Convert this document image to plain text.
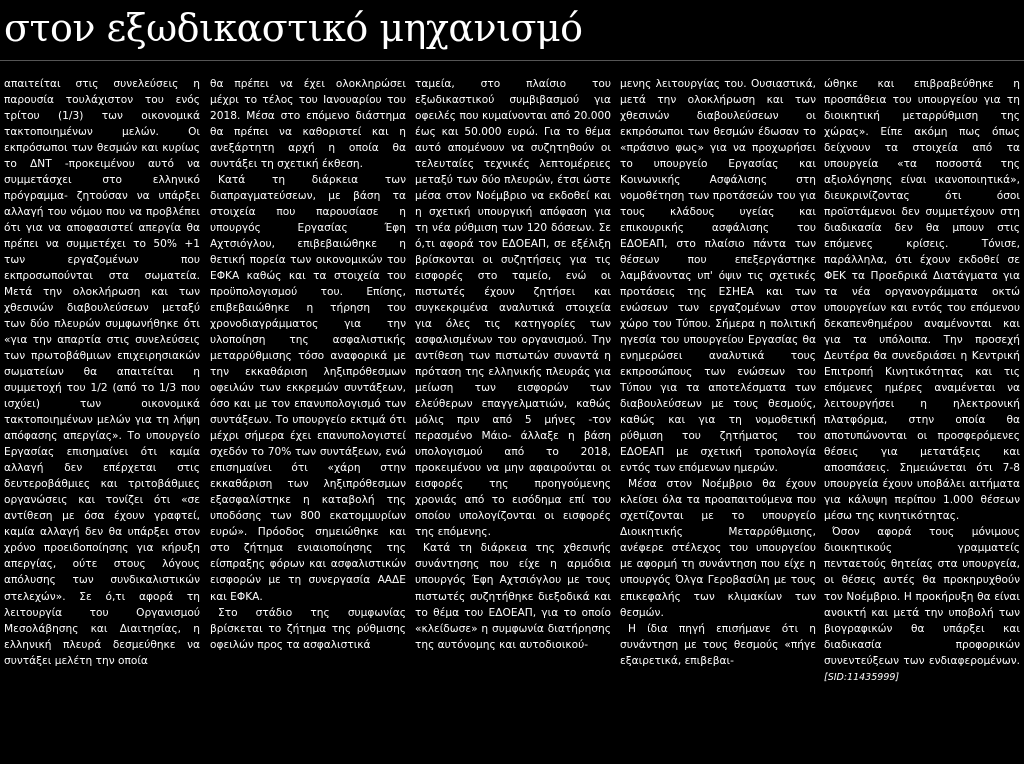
στον εξωδικαστικό μηχανισμό

απαιτείται στις συνελεύσεις η παρουσία τουλάχιστον του ενός τρίτου (1/3) των οικονομικά τακτοποιημένων μελών. Οι εκπρόσωποι των θεσμών και κυρίως το ΔΝΤ -προκειμένου αυτό να συμμετάσχει στο ελληνικό πρόγραμμα- ζητούσαν να υπάρξει αλλαγή του νόμου που να προβλέπει ότι για να αποφασιστεί απεργία θα πρέπει να συμμετέχει το 50% +1 των εργαζομένων που εκπροσωπούνται στα σωματεία. Μετά την ολοκλήρωση και των χθεσινών διαβουλεύσεων μεταξύ των δύο πλευρών συμφωνήθηκε ότι «για την απαρτία στις συνελεύσεις των πρωτοβάθμιων επιχειρησιακών σωματείων θα απαιτείται η συμμετοχή του 1/2 (από το 1/3 που ισχύει) των οικονομικά τακτοποιημένων μελών για τη λήψη απόφασης απεργίας». Το υπουργείο Εργασίας επισημαίνει ότι καμία αλλαγή δεν επέρχεται στις δευτεροβάθμιες και τριτοβάθμιες οργανώσεις και τονίζει ότι «σε αντίθεση με όσα έχουν γραφτεί, καμία αλλαγή δεν θα υπάρξει στον χρόνο προειδοποίησης για κήρυξη απεργίας, ούτε στους λόγους απόλυσης των συνδικαλιστικών στελεχών». Σε ό,τι αφορά τη λειτουργία του Οργανισμού Μεσολάβησης και Διαιτησίας, η ελληνική πλευρά δεσμεύθηκε να συντάξει μελέτη την οποία

θα πρέπει να έχει ολοκληρώσει μέχρι το τέλος του Ιανουαρίου του 2018. Μέσα στο επόμενο διάστημα θα πρέπει να καθοριστεί και η ανεξάρτητη αρχή η οποία θα συντάξει τη σχετική έκθεση.

Κατά τη διάρκεια των διαπραγματεύσεων, με βάση τα στοιχεία που παρουσίασε η υπουργός Εργασίας Έφη Αχτσιόγλου, επιβεβαιώθηκε η θετική πορεία των οικονομικών του ΕΦΚΑ καθώς και τα στοιχεία του προϋπολογισμού του. Επίσης, επιβεβαιώθηκε η τήρηση του χρονοδιαγράμματος για την υλοποίηση της ασφαλιστικής μεταρρύθμισης τόσο αναφορικά με την εκκαθάριση ληξιπρόθεσμων οφειλών των εκκρεμών συντάξεων, όσο και με τον επανυπολογισμό των συντάξεων. Το υπουργείο εκτιμά ότι μέχρι σήμερα έχει επανυπολογιστεί σχεδόν το 70% των συντάξεων, ενώ επισημαίνει ότι «χάρη στην εκκαθάριση των ληξιπρόθεσμων εξασφαλίστηκε η καταβολή της υποδόσης των 800 εκατομμυρίων ευρώ». Πρόοδος σημειώθηκε και στο ζήτημα ενιαιοποίησης της είσπραξης φόρων και ασφαλιστικών εισφορών με τη συνεργασία ΑΑΔΕ και ΕΦΚΑ.

Στο στάδιο της συμφωνίας βρίσκεται το ζήτημα της ρύθμισης οφειλών προς τα ασφαλιστικά

ταμεία, στο πλαίσιο του εξωδικαστικού συμβιβασμού για οφειλές που κυμαίνονται από 20.000 έως και 50.000 ευρώ. Για το θέμα αυτό απομένουν να συζητηθούν οι τελευταίες τεχνικές λεπτομέρειες μεταξύ των δύο πλευρών, έτσι ώστε μέσα στον Νοέμβριο να εκδοθεί και η σχετική υπουργική απόφαση για τη νέα ρύθμιση των 120 δόσεων. Σε ό,τι αφορά τον ΕΔΟΕΑΠ, σε εξέλιξη βρίσκονται οι συζητήσεις για τις εισφορές στο ταμείο, ενώ οι πιστωτές έχουν ζητήσει και συγκεκριμένα αναλυτικά στοιχεία για όλες τις κατηγορίες των ασφαλισμένων του οργανισμού. Την αντίθεση των πιστωτών συναντά η πρόταση της ελληνικής πλευράς για μείωση των εισφορών των ελεύθερων επαγγελματιών, καθώς μόλις πριν από 5 μήνες -τον περασμένο Μάιο- άλλαξε η βάση υπολογισμού από το 2018, προκειμένου να μην αφαιρούνται οι εισφορές της προηγούμενης χρονιάς από το εισόδημα επί του οποίου υπολογίζονται οι εισφορές της επόμενης.

Κατά τη διάρκεια της χθεσινής συνάντησης που είχε η αρμόδια υπουργός Έφη Αχτσιόγλου με τους πιστωτές συζητήθηκε διεξοδικά και το θέμα του ΕΔΟΕΑΠ, για το οποίο «κλείδωσε» η συμφωνία διατήρησης της αυτόνομης και αυτοδιοικού-

μενης λειτουργίας του. Ουσιαστικά, μετά την ολοκλήρωση και των χθεσινών διαβουλεύσεων οι εκπρόσωποι των θεσμών έδωσαν το «πράσινο φως» για να προχωρήσει το υπουργείο Εργασίας και Κοινωνικής Ασφάλισης στη νομοθέτηση των προτάσεών του για τους κλάδους υγείας και επικουρικής ασφάλισης του ΕΔΟΕΑΠ, στο πλαίσιο πάντα των θέσεων που επεξεργάστηκε λαμβάνοντας υπ' όψιν τις σχετικές προτάσεις της ΕΣΗΕΑ και των ενώσεων των εργαζομένων στον χώρο του Τύπου. Σήμερα η πολιτική ηγεσία του υπουργείου Εργασίας θα ενημερώσει αναλυτικά τους εκπροσώπους των ενώσεων του Τύπου για τα αποτελέσματα των διαβουλεύσεων με τους θεσμούς, καθώς και για τη νομοθετική ρύθμιση του ζητήματος του ΕΔΟΕΑΠ με σχετική τροπολογία εντός των επόμενων ημερών.

Μέσα στον Νοέμβριο θα έχουν κλείσει όλα τα προαπαιτούμενα που σχετίζονται με το υπουργείο Διοικητικής Μεταρρύθμισης, ανέφερε στέλεχος του υπουργείου με αφορμή τη συνάντηση που είχε η υπουργός Όλγα Γεροβασίλη με τους επικεφαλής των κλιμακίων των θεσμών.

Η ίδια πηγή επισήμανε ότι η συνάντηση με τους θεσμούς «πήγε εξαιρετικά, επιβεβαι-

ώθηκε και επιβραβεύθηκε η προσπάθεια του υπουργείου για τη διοικητική μεταρρύθμιση της χώρας». Είπε ακόμη πως όπως δείχνουν τα στοιχεία από τα υπουργεία «τα ποσοστά της αξιολόγησης είναι ικανοποιητικά», διευκρινίζοντας ότι όσοι προϊστάμενοι δεν συμμετέχουν στη διαδικασία δεν θα μπουν στις επόμενες κρίσεις. Τόνισε, παράλληλα, ότι έχουν εκδοθεί σε ΦΕΚ τα Προεδρικά Διατάγματα για τα νέα οργανογράμματα οκτώ υπουργείων και εντός του επόμενου δεκαπενθημέρου αναμένονται και για τα υπόλοιπα. Την προσεχή Δευτέρα θα συνεδριάσει η Κεντρική Επιτροπή Κινητικότητας και τις επόμενες ημέρες αναμένεται να λειτουργήσει η ηλεκτρονική πλατφόρμα, στην οποία θα αποτυπώνονται οι προσφερόμενες θέσεις για μετατάξεις και αποσπάσεις. Σημειώνεται ότι 7-8 υπουργεία έχουν υποβάλει αιτήματα για κάλυψη περίπου 1.000 θέσεων μέσω της κινητικότητας.

Όσον αφορά τους μόνιμους διοικητικούς γραμματείς πενταετούς θητείας στα υπουργεία, οι θέσεις αυτές θα προκηρυχθούν τον Νοέμβριο. Η προκήρυξη θα είναι ανοικτή και μετά την υποβολή των βιογραφικών θα υπάρξει και διαδικασία προφορικών συνεντεύξεων των ενδιαφερομένων. [SID:11435999]
